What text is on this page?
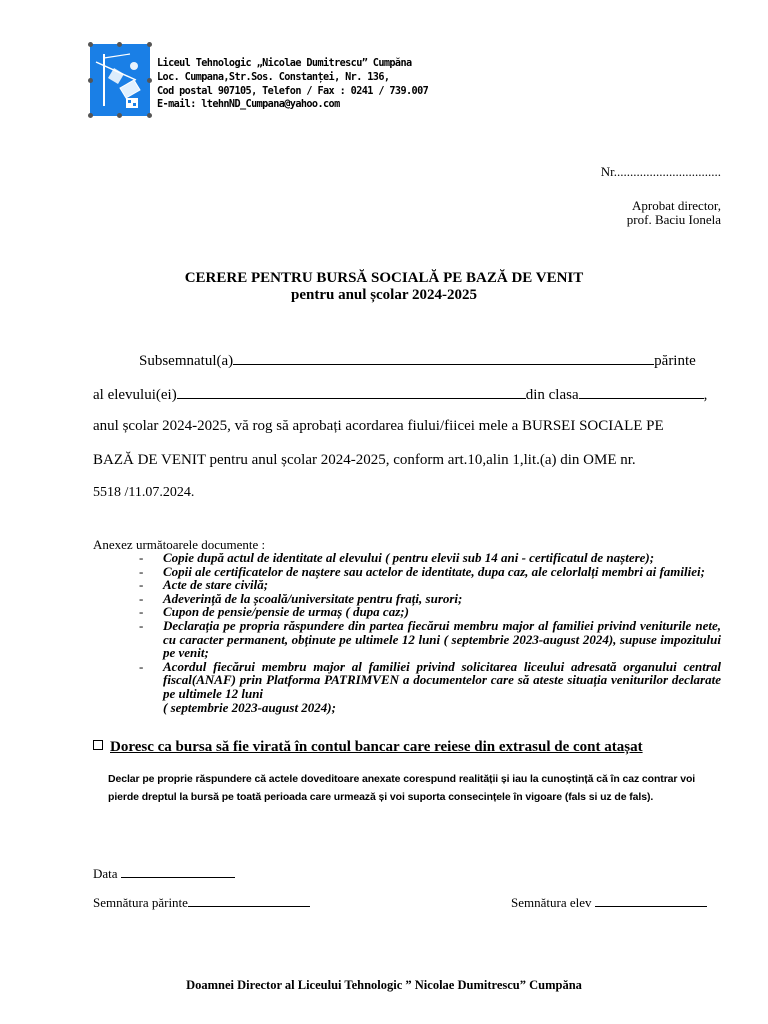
Liceul Tehnologic „Nicolae Dumitrescu” Cumpăna
Loc. Cumpana,Str.Sos. Constanței, Nr. 136,
Cod postal 907105, Telefon / Fax : 0241 / 739.007
E-mail: ltehnND_Cumpana@yahoo.com
Nr.................................
Aprobat director,
prof. Baciu Ionela
CERERE PENTRU BURSĂ SOCIALĂ PE BAZĂ DE VENIT
pentru anul școlar 2024-2025
Subsemnatul(a)	părinte
al elevului(ei)	din clasa	,
anul școlar 2024-2025, vă rog să aprobați acordarea fiului/fiicei mele a BURSEI SOCIALE PE
BAZĂ DE VENIT pentru anul școlar 2024-2025, conform art.10,alin 1,lit.(a) din OME nr.
5518 /11.07.2024.
Anexez următoarele documente :
- Copie după actul de identitate al elevului ( pentru elevii sub 14 ani - certificatul de naștere);
- Copii ale certificatelor de naștere sau actelor de identitate, dupa caz, ale celorlalți membri ai familiei;
- Acte de stare civilă;
- Adeverință de la școală/universitate pentru frați, surori;
- Cupon de pensie/pensie de urmaș ( dupa caz;)
- Declarația pe propria răspundere din partea fiecărui membru major al familiei privind veniturile nete, cu caracter permanent, obținute pe ultimele 12 luni ( septembrie 2023-august 2024), supuse impozitului pe venit;
- Acordul fiecărui membru major al familiei privind solicitarea liceului adresată organului central fiscal(ANAF) prin Platforma PATRIMVEN a documentelor care să ateste situația veniturilor declarate pe ultimele 12 luni
( septembrie 2023-august 2024);
Doresc ca bursa să fie virată în contul bancar care reiese din extrasul de cont atașat
Declar pe proprie răspundere că actele doveditoare anexate corespund realității și iau la cunoștință că în caz contrar voi pierde dreptul la bursă pe toată perioada care urmează și voi suporta consecințele în vigoare (fals si uz de fals).
Data
Semnătura părinte	Semnătura elev
Doamnei Director al Liceului Tehnologic ” Nicolae Dumitrescu” Cumpăna
